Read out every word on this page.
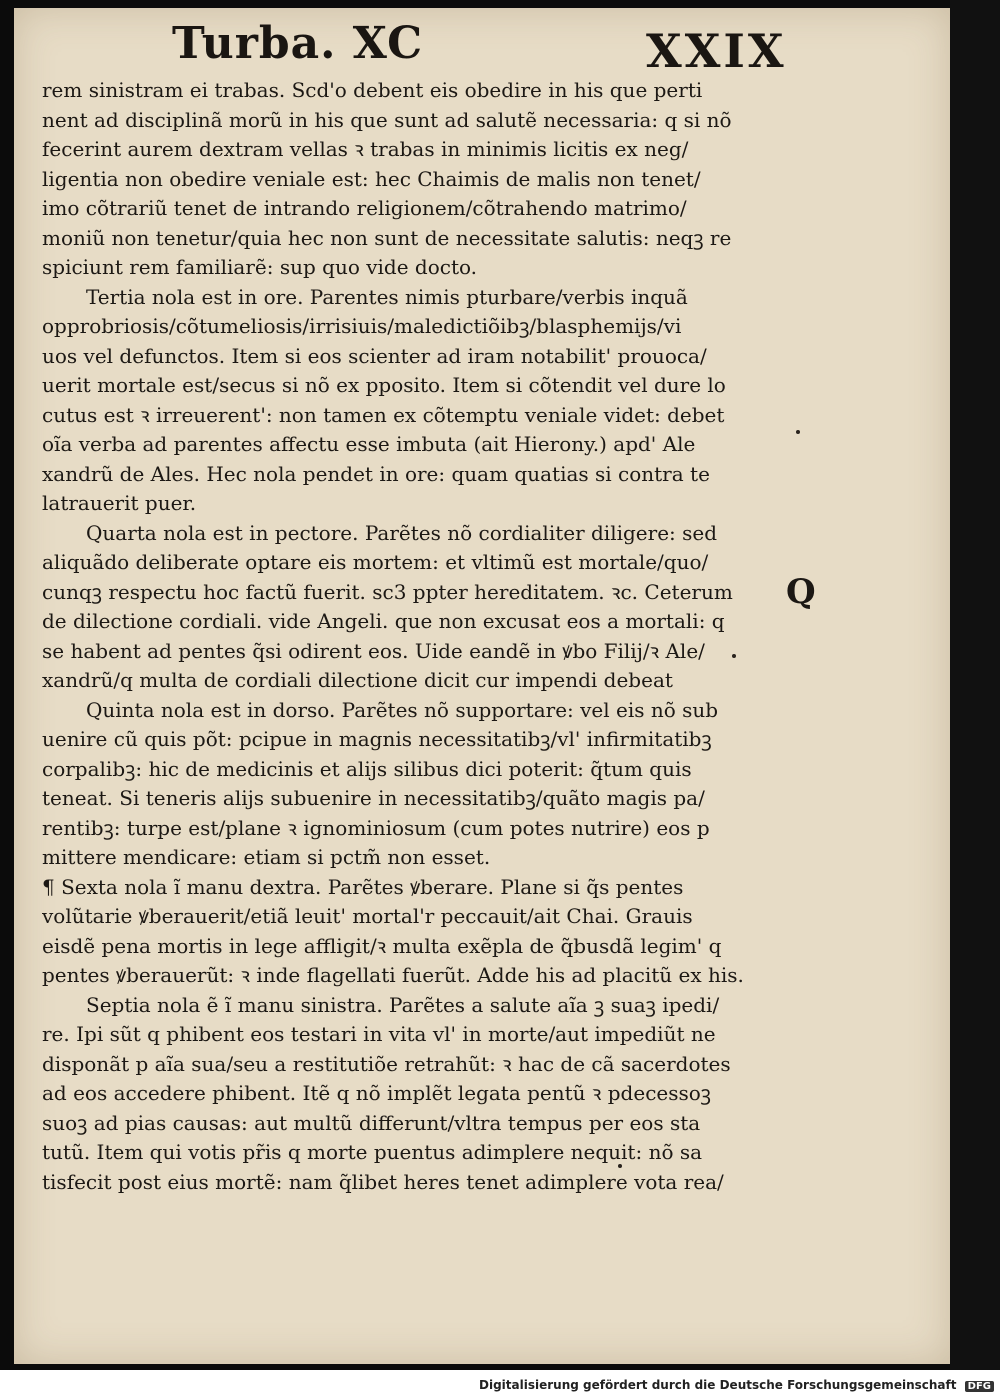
Turba. XC	XXIX
rem sinistram ei trabas. Scd'o debent eis obedire in his que perti
nent ad disciplinã morũ in his que sunt ad salutẽ necessaria: q si nõ
fecerint aurem dextram vellas ꝛ trabas in minimis licitis ex neg/
ligentia non obedire veniale est: hec Chaimis de malis non tenet/
imo cõtrariũ tenet de intrando religionem/cõtrahendo matrimo/
moniũ non tenetur/quia hec non sunt de necessitate salutis: neqꝫ re
spiciunt rem familiarẽ: sup quo vide docto.
Tertia nola est in ore. Parentes nimis pturbare/verbis inquã
opprobriosis/cõtumeliosis/irrisiuis/maledictiõibꝫ/blasphemijs/vi
uos vel defunctos. Item si eos scienter ad iram notabilit' prouoca/
uerit mortale est/secus si nõ ex pposito. Item si cõtendit vel dure lo
cutus est ꝛ irreuerent': non tamen ex cõtemptu veniale videt: debet
oĩa verba ad parentes affectu esse imbuta (ait Hierony.) apd' Ale
xandrũ de Ales. Hec nola pendet in ore: quam quatias si contra te
latrauerit puer.
Quarta nola est in pectore. Parẽtes nõ cordialiter diligere: sed
aliquãdo deliberate optare eis mortem: et vltimũ est mortale/quo/
cunqꝫ respectu hoc factũ fuerit. sc3 ppter hereditatem. ꝛc. Ceterum
de dilectione cordiali. vide Angeli. que non excusat eos a mortali: q
se habent ad pentes q̃si odirent eos. Uide eandẽ in ꝟbo Filij/ꝛ Ale/
xandrũ/q multa de cordiali dilectione dicit cur impendi debeat
Quinta nola est in dorso. Parẽtes nõ supportare: vel eis nõ sub
uenire cũ quis põt: pcipue in magnis necessitatibꝫ/vl' infirmitatibꝫ
corpalibꝫ: hic de medicinis et alijs silibus dici poterit: q̃tum quis
teneat. Si teneris alijs subuenire in necessitatibꝫ/quãto magis pa/
rentibꝫ: turpe est/plane ꝛ ignominiosum (cum potes nutrire) eos p
mittere mendicare: etiam si pctm̃ non esset.
¶ Sexta nola ĩ manu dextra. Parẽtes ꝟberare. Plane si q̃s pentes
volũtarie ꝟberauerit/etiã leuit' mortal'r peccauit/ait Chai. Grauis
eisdẽ pena mortis in lege affligit/ꝛ multa exẽpla de q̃busdã legim' q
pentes ꝟberauerũt: ꝛ inde flagellati fuerũt. Adde his ad placitũ ex his.
Septia nola ẽ ĩ manu sinistra. Parẽtes a salute aĩa ꝫ suaꝫ ipedi/
re. Ipi sũt q phibent eos testari in vita vl' in morte/aut impediũt ne
disponãt p aĩa sua/seu a restitutiõe retrahũt: ꝛ hac de cã sacerdotes
ad eos accedere phibent. Itẽ q nõ implẽt legata pentũ ꝛ pdecessoꝫ
suoꝫ ad pias causas: aut multũ differunt/vltra tempus per eos sta
tutũ. Item qui votis pr̃is q morte puentus adimplere nequit: nõ sa
tisfecit post eius mortẽ: nam q̃libet heres tenet adimplere vota rea/
Q
Digitalisierung gefördert durch die Deutsche Forschungsgemeinschaft DFG
